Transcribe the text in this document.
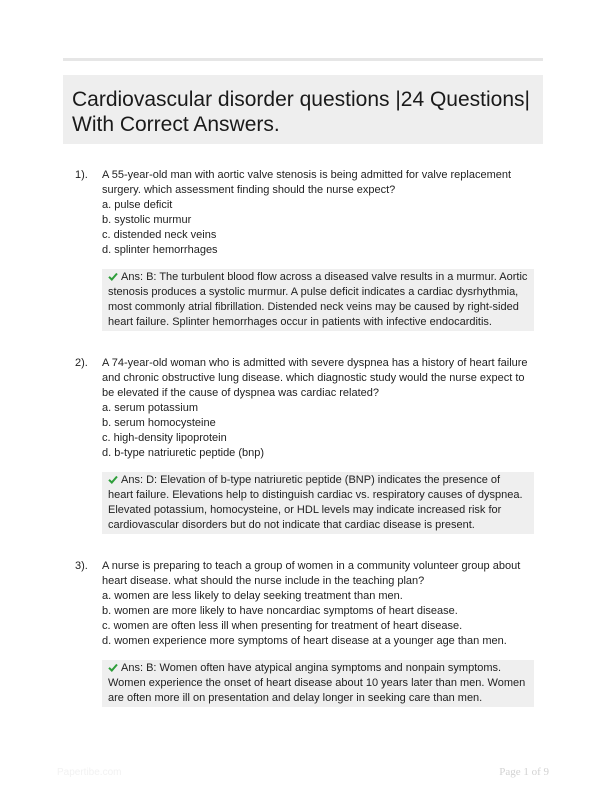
Cardiovascular disorder questions |24 Questions| With Correct Answers.
1). A 55-year-old man with aortic valve stenosis is being admitted for valve replacement surgery. which assessment finding should the nurse expect?

a. pulse deficit
b. systolic murmur
c. distended neck veins
d. splinter hemorrhages

Ans: B: The turbulent blood flow across a diseased valve results in a murmur. Aortic stenosis produces a systolic murmur. A pulse deficit indicates a cardiac dysrhythmia, most commonly atrial fibrillation. Distended neck veins may be caused by right-sided heart failure. Splinter hemorrhages occur in patients with infective endocarditis.

2). A 74-year-old woman who is admitted with severe dyspnea has a history of heart failure and chronic obstructive lung disease. which diagnostic study would the nurse expect to be elevated if the cause of dyspnea was cardiac related?

a. serum potassium
b. serum homocysteine
c. high-density lipoprotein
d. b-type natriuretic peptide (bnp)

Ans: D: Elevation of b-type natriuretic peptide (BNP) indicates the presence of heart failure. Elevations help to distinguish cardiac vs. respiratory causes of dyspnea. Elevated potassium, homocysteine, or HDL levels may indicate increased risk for cardiovascular disorders but do not indicate that cardiac disease is present.

3). A nurse is preparing to teach a group of women in a community volunteer group about heart disease. what should the nurse include in the teaching plan?

a. women are less likely to delay seeking treatment than men.
b. women are more likely to have noncardiac symptoms of heart disease.
c. women are often less ill when presenting for treatment of heart disease.
d. women experience more symptoms of heart disease at a younger age than men.

Ans: B: Women often have atypical angina symptoms and nonpain symptoms. Women experience the onset of heart disease about 10 years later than men. Women are often more ill on presentation and delay longer in seeking care than men.

Papertibe.com	Page 1 of 9
